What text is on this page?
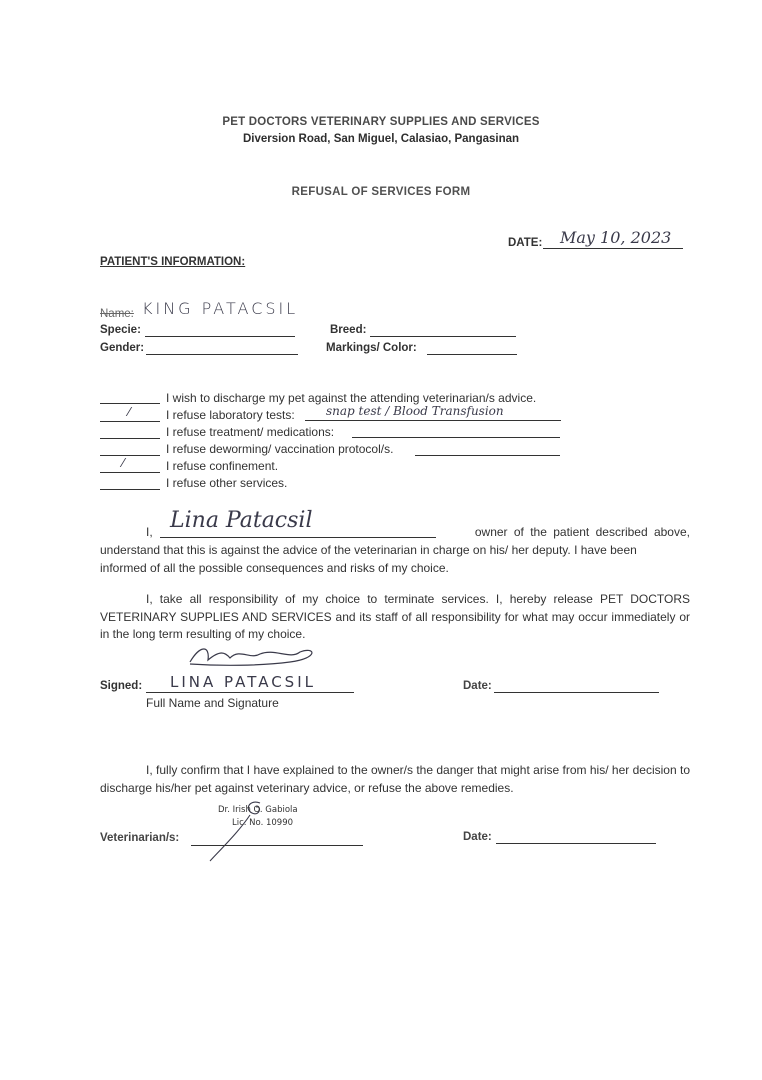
PET DOCTORS VETERINARY SUPPLIES AND SERVICES
Diversion Road, San Miguel, Calasiao, Pangasinan
REFUSAL OF SERVICES FORM
DATE: May 10, 2023
PATIENT'S INFORMATION:
Name: KING PATACSIL
Specie:	Breed:
Gender:	Markings/ Color:
I wish to discharge my pet against the attending veterinarian/s advice.
⁄	I refuse laboratory tests:	snap test / Blood Transfusion
I refuse treatment/ medications:
I refuse deworming/ vaccination protocol/s.
⁄	I refuse confinement.
I refuse other services.
I, Lina Patacsil	owner of the patient described above,
understand that this is against the advice of the veterinarian in charge on his/ her deputy. I have been
informed of all the possible consequences and risks of my choice.
I, take all responsibility of my choice to terminate services. I, hereby release PET DOCTORS VETERINARY SUPPLIES AND SERVICES and its staff of all responsibility for what may occur immediately or in the long term resulting of my choice.
Signed: LINA PATACSIL
Full Name and Signature
Date:
I, fully confirm that I have explained to the owner/s the danger that might arise from his/ her decision to discharge his/her pet against veterinary advice, or refuse the above remedies.
Dr. Irish O. Gabiola
Lic. No. 10990
Veterinarian/s:	Date:
